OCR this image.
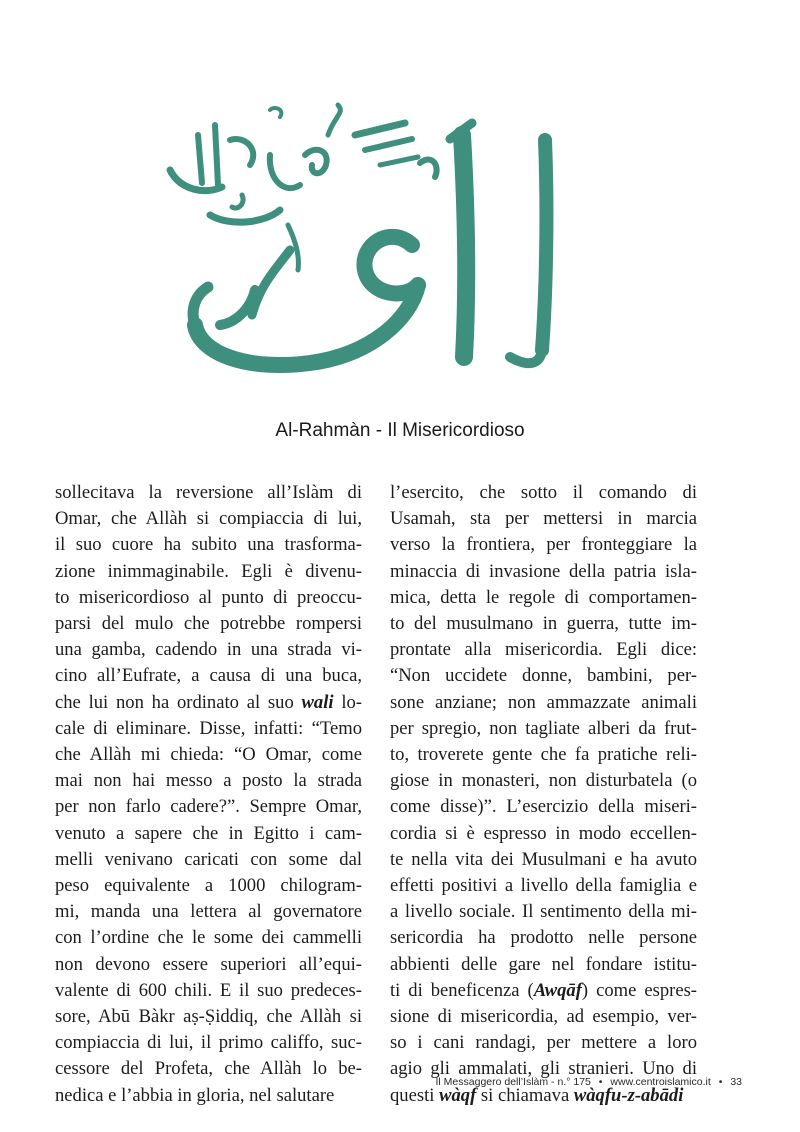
Al-Rahmàn - Il Misericordioso
sollecitava la reversione all’Islàm di
Omar, che Allàh si compiaccia di lui,
il suo cuore ha subito una trasforma-
zione inimmaginabile. Egli è divenu-
to misericordioso al punto di preoccu-
parsi del mulo che potrebbe rompersi
una gamba, cadendo in una strada vi-
cino all’Eufrate, a causa di una buca,
che lui non ha ordinato al suo wali lo-
cale di eliminare. Disse, infatti: “Temo
che Allàh mi chieda: “O Omar, come
mai non hai messo a posto la strada
per non farlo cadere?”. Sempre Omar,
venuto a sapere che in Egitto i cam-
melli venivano caricati con some dal
peso equivalente a 1000 chilogram-
mi, manda una lettera al governatore
con l’ordine che le some dei cammelli
non devono essere superiori all’equi-
valente di 600 chili. E il suo predeces-
sore, Abū Bàkr aṣ-Ṣiddiq, che Allàh si
compiaccia di lui, il primo califfo, suc-
cessore del Profeta, che Allàh lo be-
nedica e l’abbia in gloria, nel salutare
l’esercito, che sotto il comando di
Usamah, sta per mettersi in marcia
verso la frontiera, per fronteggiare la
minaccia di invasione della patria isla-
mica, detta le regole di comportamen-
to del musulmano in guerra, tutte im-
prontate alla misericordia. Egli dice:
“Non uccidete donne, bambini, per-
sone anziane; non ammazzate animali
per spregio, non tagliate alberi da frut-
to, troverete gente che fa pratiche reli-
giose in monasteri, non disturbatela (o
come disse)”. L’esercizio della miseri-
cordia si è espresso in modo eccellen-
te nella vita dei Musulmani e ha avuto
effetti positivi a livello della famiglia e
a livello sociale. Il sentimento della mi-
sericordia ha prodotto nelle persone
abbienti delle gare nel fondare istitu-
ti di beneficenza (Awqāf) come espres-
sione di misericordia, ad esempio, ver-
so i cani randagi, per mettere a loro
agio gli ammalati, gli stranieri. Uno di
questi wàqf si chiamava wàqfu-z-abādi
Il Messaggero dell’Islàm - n.° 175 • www.centroislamico.it • 33
